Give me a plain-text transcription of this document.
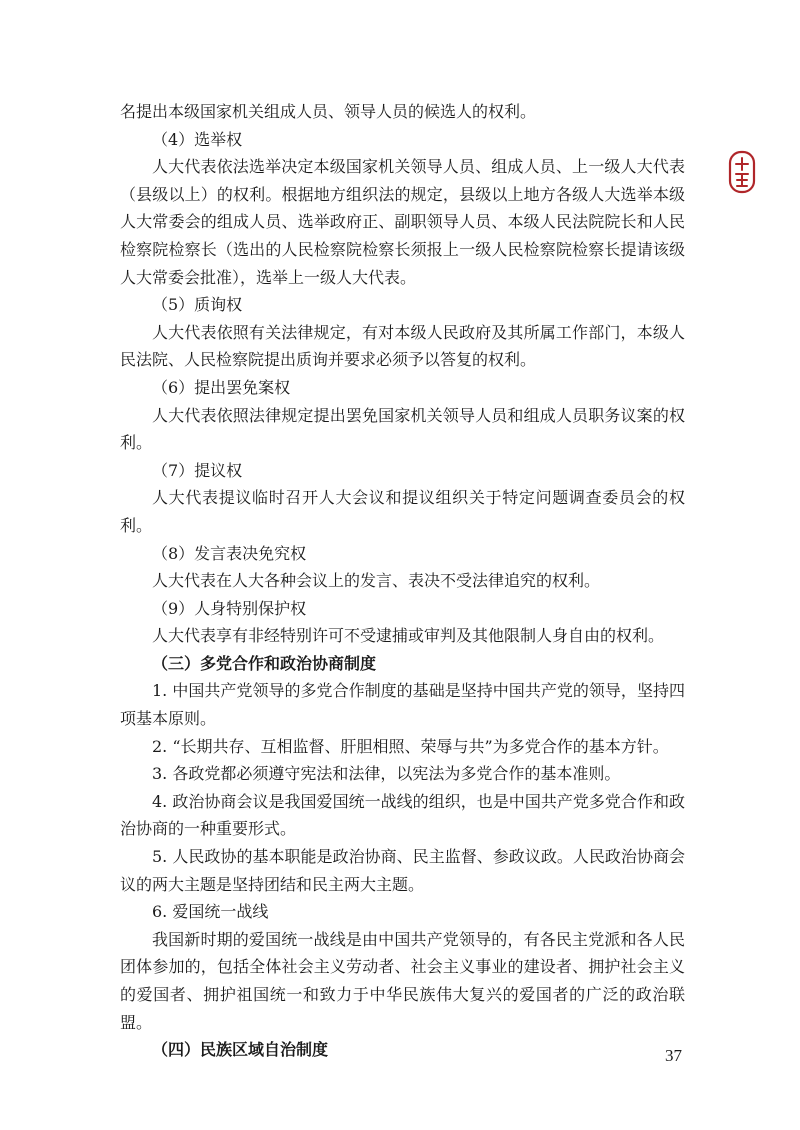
名提出本级国家机关组成人员、领导人员的候选人的权利。

（4）选举权

人大代表依法选举决定本级国家机关领导人员、组成人员、上一级人大代表（县级以上）的权利。根据地方组织法的规定，县级以上地方各级人大选举本级人大常委会的组成人员、选举政府正、副职领导人员、本级人民法院院长和人民检察院检察长（选出的人民检察院检察长须报上一级人民检察院检察长提请该级人大常委会批准），选举上一级人大代表。

（5）质询权

人大代表依照有关法律规定，有对本级人民政府及其所属工作部门，本级人民法院、人民检察院提出质询并要求必须予以答复的权利。

（6）提出罢免案权

人大代表依照法律规定提出罢免国家机关领导人员和组成人员职务议案的权利。

（7）提议权

人大代表提议临时召开人大会议和提议组织关于特定问题调查委员会的权利。

（8）发言表决免究权

人大代表在人大各种会议上的发言、表决不受法律追究的权利。

（9）人身特别保护权

人大代表享有非经特别许可不受逮捕或审判及其他限制人身自由的权利。

（三）多党合作和政治协商制度

1. 中国共产党领导的多党合作制度的基础是坚持中国共产党的领导，坚持四项基本原则。

2. “长期共存、互相监督、肝胆相照、荣辱与共”为多党合作的基本方针。

3. 各政党都必须遵守宪法和法律，以宪法为多党合作的基本准则。

4. 政治协商会议是我国爱国统一战线的组织，也是中国共产党多党合作和政治协商的一种重要形式。

5. 人民政协的基本职能是政治协商、民主监督、参政议政。人民政治协商会议的两大主题是坚持团结和民主两大主题。

6. 爱国统一战线

我国新时期的爱国统一战线是由中国共产党领导的，有各民主党派和各人民团体参加的，包括全体社会主义劳动者、社会主义事业的建设者、拥护社会主义的爱国者、拥护祖国统一和致力于中华民族伟大复兴的爱国者的广泛的政治联盟。

（四）民族区域自治制度	37
